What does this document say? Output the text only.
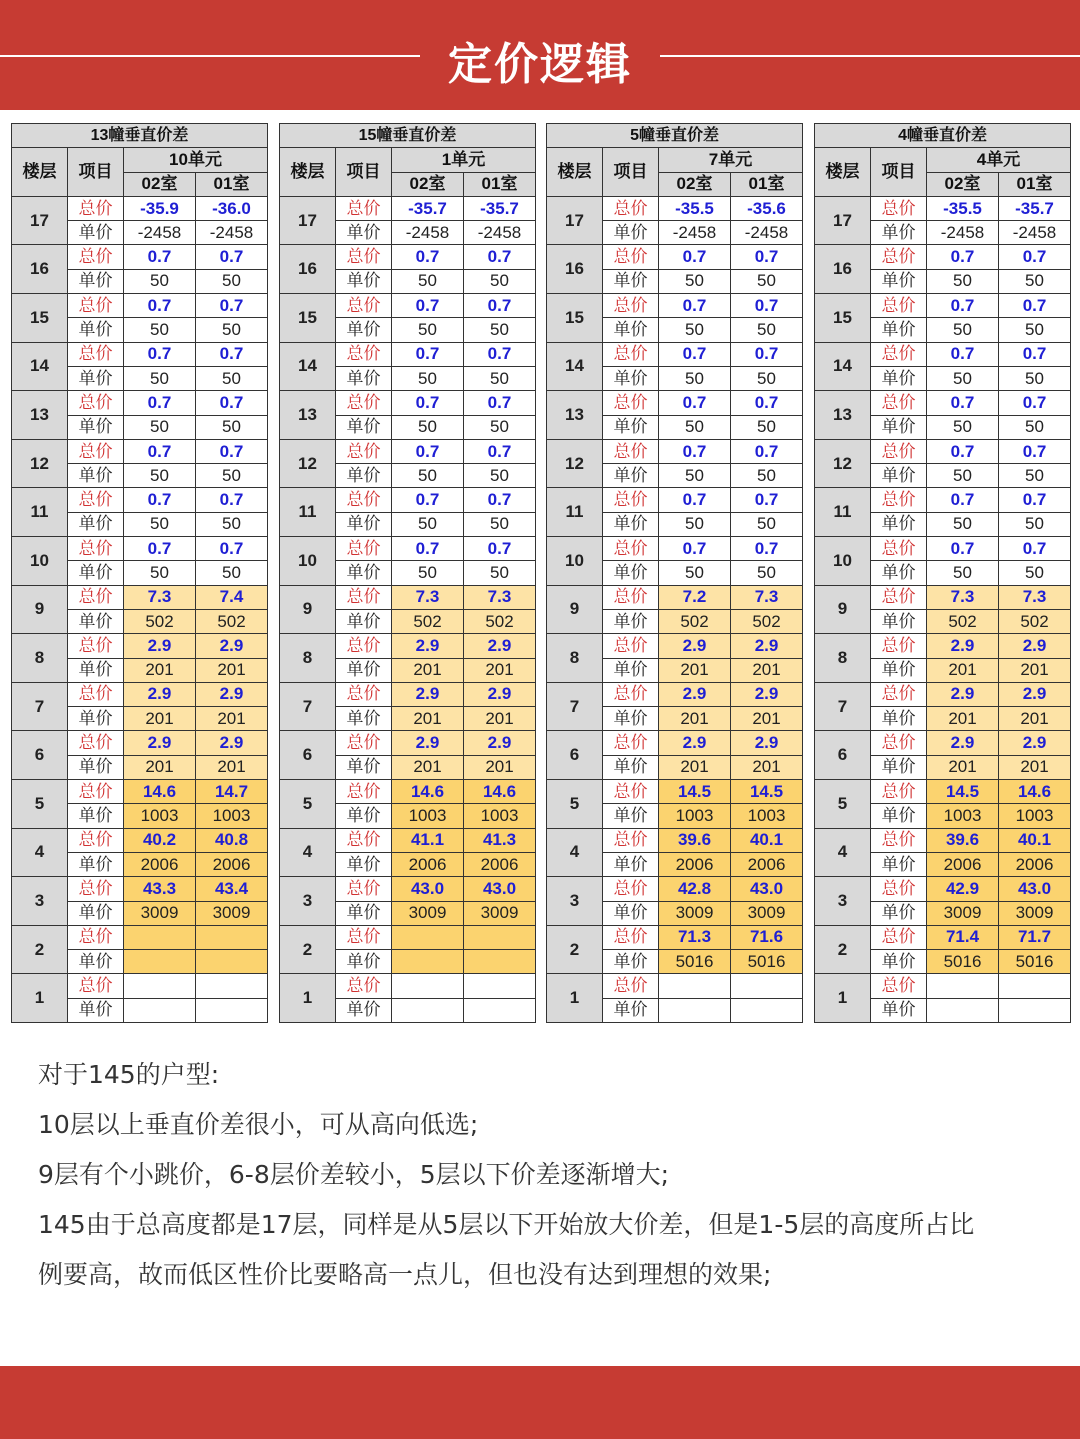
定价逻辑
13幢垂直价差			
楼层	项目	10单元	
		02室	01室
17	总价	-35.9	-36.0
	单价	-2458	-2458
16	总价	0.7	0.7
	单价	50	50
15	总价	0.7	0.7
	单价	50	50
14	总价	0.7	0.7
	单价	50	50
13	总价	0.7	0.7
	单价	50	50
12	总价	0.7	0.7
	单价	50	50
11	总价	0.7	0.7
	单价	50	50
10	总价	0.7	0.7
	单价	50	50
9	总价	7.3	7.4
	单价	502	502
8	总价	2.9	2.9
	单价	201	201
7	总价	2.9	2.9
	单价	201	201
6	总价	2.9	2.9
	单价	201	201
5	总价	14.6	14.7
	单价	1003	1003
4	总价	40.2	40.8
	单价	2006	2006
3	总价	43.3	43.4
	单价	3009	3009
2	总价		
	单价		
1	总价		
	单价		
15幢垂直价差			
楼层	项目	1单元	
		02室	01室
17	总价	-35.7	-35.7
	单价	-2458	-2458
16	总价	0.7	0.7
	单价	50	50
15	总价	0.7	0.7
	单价	50	50
14	总价	0.7	0.7
	单价	50	50
13	总价	0.7	0.7
	单价	50	50
12	总价	0.7	0.7
	单价	50	50
11	总价	0.7	0.7
	单价	50	50
10	总价	0.7	0.7
	单价	50	50
9	总价	7.3	7.3
	单价	502	502
8	总价	2.9	2.9
	单价	201	201
7	总价	2.9	2.9
	单价	201	201
6	总价	2.9	2.9
	单价	201	201
5	总价	14.6	14.6
	单价	1003	1003
4	总价	41.1	41.3
	单价	2006	2006
3	总价	43.0	43.0
	单价	3009	3009
2	总价		
	单价		
1	总价		
	单价		
5幢垂直价差			
楼层	项目	7单元	
		02室	01室
17	总价	-35.5	-35.6
	单价	-2458	-2458
16	总价	0.7	0.7
	单价	50	50
15	总价	0.7	0.7
	单价	50	50
14	总价	0.7	0.7
	单价	50	50
13	总价	0.7	0.7
	单价	50	50
12	总价	0.7	0.7
	单价	50	50
11	总价	0.7	0.7
	单价	50	50
10	总价	0.7	0.7
	单价	50	50
9	总价	7.2	7.3
	单价	502	502
8	总价	2.9	2.9
	单价	201	201
7	总价	2.9	2.9
	单价	201	201
6	总价	2.9	2.9
	单价	201	201
5	总价	14.5	14.5
	单价	1003	1003
4	总价	39.6	40.1
	单价	2006	2006
3	总价	42.8	43.0
	单价	3009	3009
2	总价	71.3	71.6
	单价	5016	5016
1	总价		
	单价		
4幢垂直价差			
楼层	项目	4单元	
		02室	01室
17	总价	-35.5	-35.7
	单价	-2458	-2458
16	总价	0.7	0.7
	单价	50	50
15	总价	0.7	0.7
	单价	50	50
14	总价	0.7	0.7
	单价	50	50
13	总价	0.7	0.7
	单价	50	50
12	总价	0.7	0.7
	单价	50	50
11	总价	0.7	0.7
	单价	50	50
10	总价	0.7	0.7
	单价	50	50
9	总价	7.3	7.3
	单价	502	502
8	总价	2.9	2.9
	单价	201	201
7	总价	2.9	2.9
	单价	201	201
6	总价	2.9	2.9
	单价	201	201
5	总价	14.5	14.6
	单价	1003	1003
4	总价	39.6	40.1
	单价	2006	2006
3	总价	42.9	43.0
	单价	3009	3009
2	总价	71.4	71.7
	单价	5016	5016
1	总价		
	单价		

对于145的户型:

10层以上垂直价差很小，可从高向低选;

9层有个小跳价，6-8层价差较小，5层以下价差逐渐增大;

145由于总高度都是17层，同样是从5层以下开始放大价差，但是1-5层的高度所占比

例要高，故而低区性价比要略高一点儿，但也没有达到理想的效果;
